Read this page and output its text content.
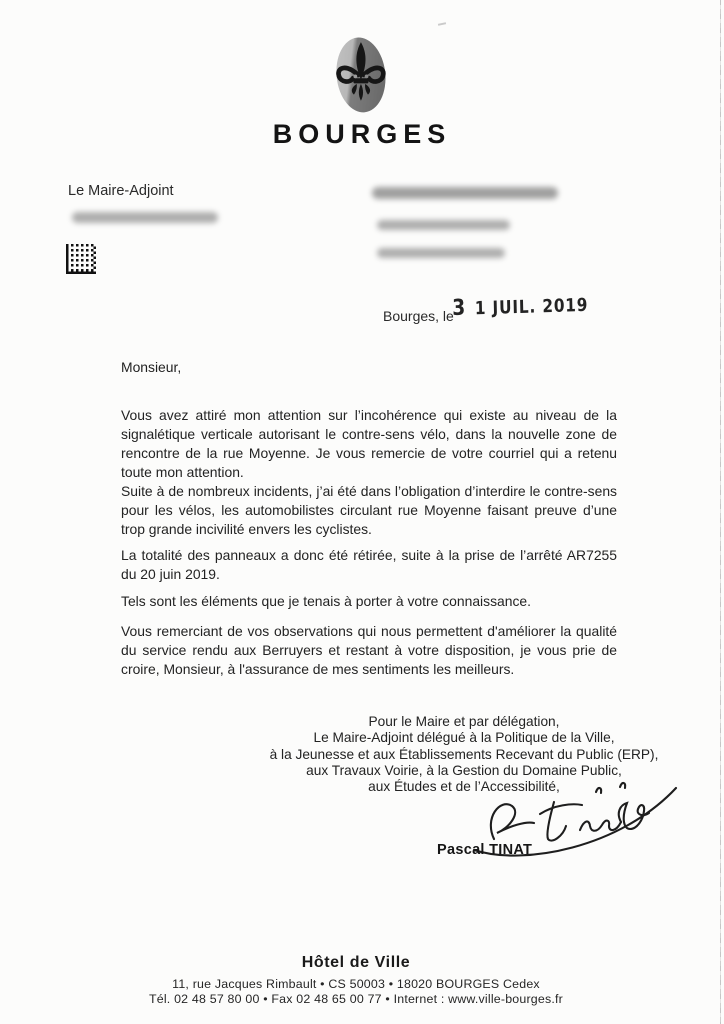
BOURGES
Le Maire-Adjoint
Bourges, le
3 1 JUIL. 2019
Monsieur,

Vous avez attiré mon attention sur l’incohérence qui existe au niveau de la signalétique verticale autorisant le contre-sens vélo, dans la nouvelle zone de rencontre de la rue Moyenne. Je vous remercie de votre courriel qui a retenu toute mon attention.

Suite à de nombreux incidents, j’ai été dans l’obligation d’interdire le contre-sens pour les vélos, les automobilistes circulant rue Moyenne faisant preuve d’une trop grande incivilité envers les cyclistes.

La totalité des panneaux a donc été rétirée, suite à la prise de l’arrêté AR7255 du 20 juin 2019.

Tels sont les éléments que je tenais à porter à votre connaissance.

Vous remerciant de vos observations qui nous permettent d'améliorer la qualité du service rendu aux Berruyers et restant à votre disposition, je vous prie de croire, Monsieur, à l'assurance de mes sentiments les meilleurs.

Pour le Maire et par délégation,
Le Maire-Adjoint délégué à la Politique de la Ville,
à la Jeunesse et aux Établissements Recevant du Public (ERP),
aux Travaux Voirie, à la Gestion du Domaine Public,
aux Études et de l’Accessibilité,
Pascal TINAT
Hôtel de Ville
11, rue Jacques Rimbault • CS 50003 • 18020 BOURGES Cedex
Tél. 02 48 57 80 00 • Fax 02 48 65 00 77 • Internet : www.ville-bourges.fr
